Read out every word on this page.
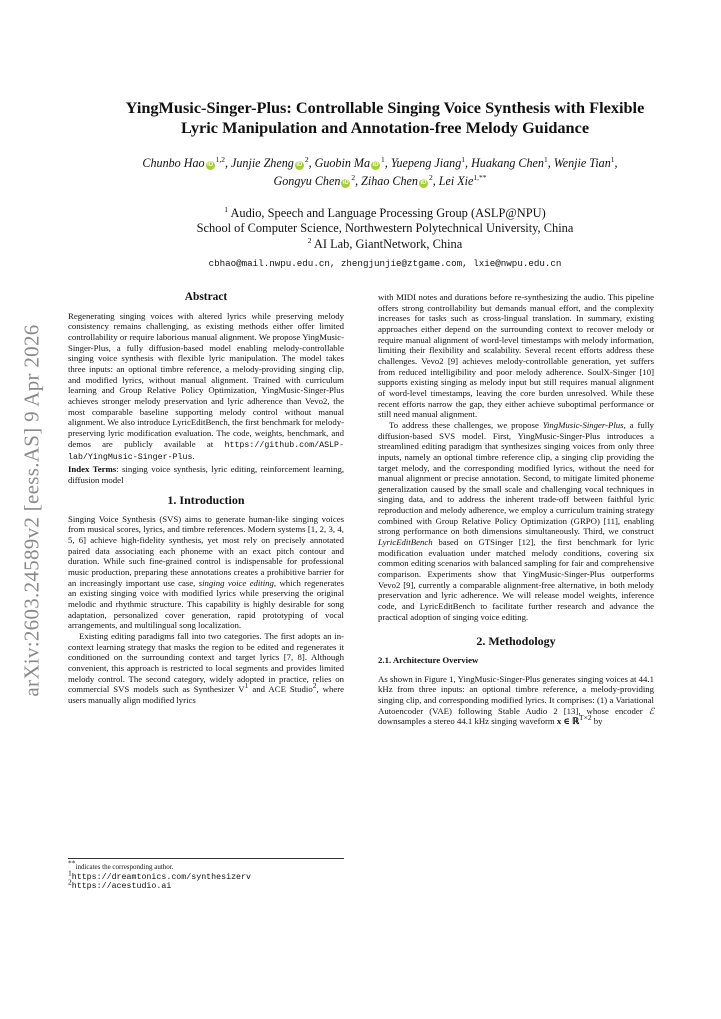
arXiv:2603.24589v2 [eess.AS] 9 Apr 2026
YingMusic-Singer-Plus: Controllable Singing Voice Synthesis with Flexible
Lyric Manipulation and Annotation-free Melody Guidance
Chunbo Hao iD$^{1,2}$, Junjie Zheng $iD^2$, Guobin Ma $iD^1$, Yuepeng Jiang$^1$, Huakang Chen$^1$, Wenjie Tian$^1$,
Gongyu Chen $iD^2$, Zihao Chen $iD^2$, Lei Xie$^{1,**}$
$^1$ Audio, Speech and Language Processing Group (ASLP@NPU)
School of Computer Science, Northwestern Polytechnical University, China
$^2$ AI Lab, GiantNetwork, China
cbhao@mail.nwpu.edu.cn, zhengjunjie@ztgame.com, lxie@nwpu.edu.cn
Abstract

Regenerating singing voices with altered lyrics while preserving melody consistency remains challenging, as existing methods either offer limited controllability or require laborious manual alignment. We propose YingMusic-Singer-Plus, a fully diffusion-based model enabling melody-controllable singing voice synthesis with flexible lyric manipulation. The model takes three inputs: an optional timbre reference, a melody-providing singing clip, and modified lyrics, without manual alignment. Trained with curriculum learning and Group Relative Policy Optimization, YingMusic-Singer-Plus achieves stronger melody preservation and lyric adherence than Vevo2, the most comparable baseline supporting melody control without manual alignment. We also introduce LyricEditBench, the first benchmark for melody-preserving lyric modification evaluation. The code, weights, benchmark, and demos are publicly available at https://github.com/ASLP-lab/YingMusic-Singer-Plus.

Index Terms: singing voice synthesis, lyric editing, reinforcement learning, diffusion model

1. Introduction

Singing Voice Synthesis (SVS) aims to generate human-like singing voices from musical scores, lyrics, and timbre references. Modern systems [1, 2, 3, 4, 5, 6] achieve high-fidelity synthesis, yet most rely on precisely annotated paired data associating each phoneme with an exact pitch contour and duration. While such fine-grained control is indispensable for professional music production, preparing these annotations creates a prohibitive barrier for an increasingly important use case, singing voice editing, which regenerates an existing singing voice with modified lyrics while preserving the original melodic and rhythmic structure. This capability is highly desirable for song adaptation, personalized cover generation, rapid prototyping of vocal arrangements, and multilingual song localization.

Existing editing paradigms fall into two categories. The first adopts an in-context learning strategy that masks the region to be edited and regenerates it conditioned on the surrounding context and target lyrics [7, 8]. Although convenient, this approach is restricted to local segments and provides limited melody control. The second category, widely adopted in practice, relies on commercial SVS models such as Synthesizer $V^1$ and ACE Studio$^2$, where users manually align modified lyrics

**indicates the corresponding author.
$^1$https://dreamtonics.com/synthesizerv
$^2$https://acestudio.ai

with MIDI notes and durations before re-synthesizing the audio. This pipeline offers strong controllability but demands manual effort, and the complexity increases for tasks such as cross-lingual translation. In summary, existing approaches either depend on the surrounding context to recover melody or require manual alignment of word-level timestamps with melody information, limiting their flexibility and scalability. Several recent efforts address these challenges. Vevo2 [9] achieves melody-controllable generation, yet suffers from reduced intelligibility and poor melody adherence. SoulX-Singer [10] supports existing singing as melody input but still requires manual alignment of word-level timestamps, leaving the core burden unresolved. While these recent efforts narrow the gap, they either achieve suboptimal performance or still need manual alignment.

To address these challenges, we propose YingMusic-Singer-Plus, a fully diffusion-based SVS model. First, YingMusic-Singer-Plus introduces a streamlined editing paradigm that synthesizes singing voices from only three inputs, namely an optional timbre reference clip, a singing clip providing the target melody, and the corresponding modified lyrics, without the need for manual alignment or precise annotation. Second, to mitigate limited phoneme generalization caused by the small scale and challenging vocal techniques in singing data, and to address the inherent trade-off between faithful lyric reproduction and melody adherence, we employ a curriculum training strategy combined with Group Relative Policy Optimization (GRPO) [11], enabling strong performance on both dimensions simultaneously. Third, we construct LyricEditBench based on GTSinger [12], the first benchmark for lyric modification evaluation under matched melody conditions, covering six common editing scenarios with balanced sampling for fair and comprehensive comparison. Experiments show that YingMusic-Singer-Plus outperforms Vevo2 [9], currently a comparable alignment-free alternative, in both melody preservation and lyric adherence. We will release model weights, inference code, and LyricEditBench to facilitate further research and advance the practical adoption of singing voice editing.

2. Methodology
2.1. Architecture Overview

As shown in Figure 1, YingMusic-Singer-Plus generates singing voices at 44.1 kHz from three inputs: an optional timbre reference, a melody-providing singing clip, and corresponding modified lyrics. It comprises: (1) a Variational Autoencoder (VAE) following Stable Audio 2 [13], whose encoder ℰ downsamples a stereo 44.1 kHz singing waveform x ∈ ℝ$^{T\times 2}$ by
